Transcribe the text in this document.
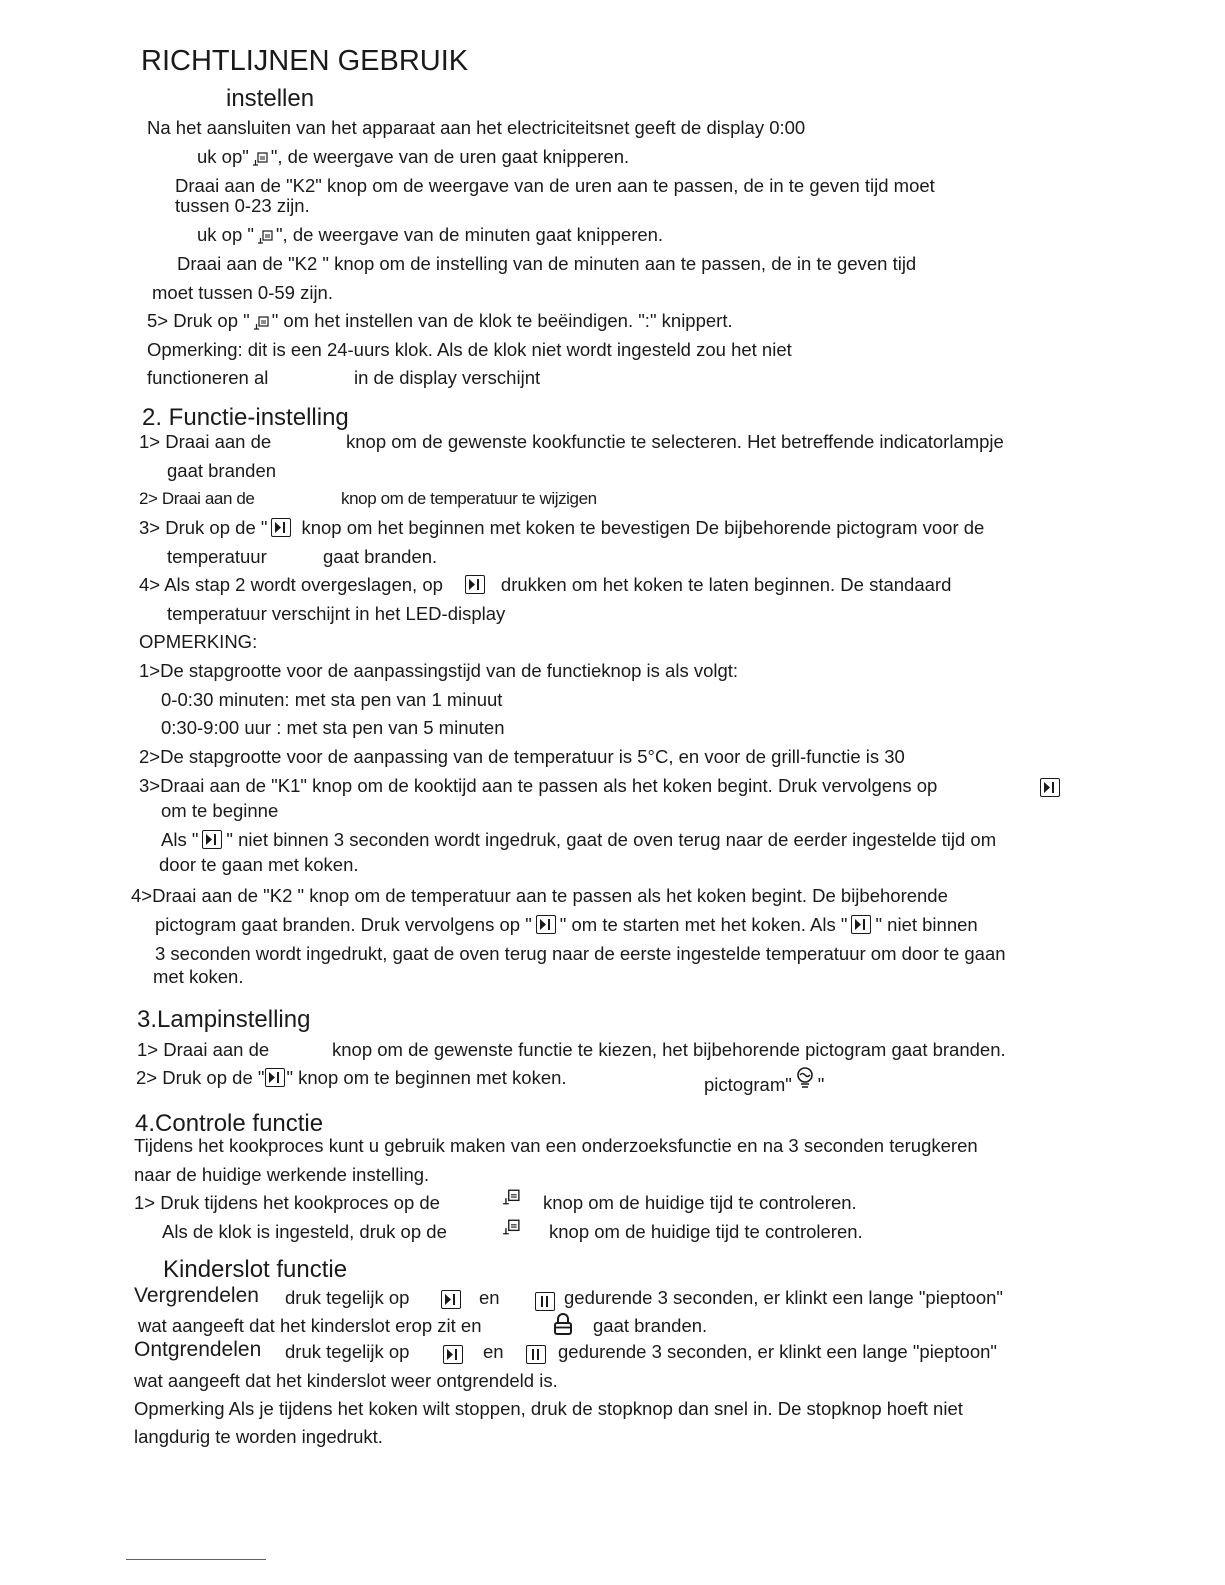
RICHTLIJNEN GEBRUIK
instellen
Na het aansluiten van het apparaat aan het electriciteitsnet geeft de display 0:00
uk op" ", de weergave van de uren gaat knipperen.
Draai aan de "K2" knop om de weergave van de uren aan te passen, de in te geven tijd moet
tussen 0-23 zijn.
uk op " ", de weergave van de minuten gaat knipperen.
Draai aan de "K2 " knop om de instelling van de minuten aan te passen, de in te geven tijd
moet tussen 0-59 zijn.
5> Druk op " " om het instellen van de klok te beëindigen. ":" knippert.
Opmerking: dit is een 24-uurs klok. Als de klok niet wordt ingesteld zou het niet
functioneren al	in de display verschijnt
2. Functie-instelling
1> Draai aan de	knop om de gewenste kookfunctie te selecteren. Het betreffende indicatorlampje
gaat branden
2> Draai aan de	knop om de temperatuur te wijzigen
3> Druk op de " knop om het beginnen met koken te bevestigen De bijbehorende pictogram voor de
temperatuur	gaat branden.
4> Als stap 2 wordt overgeslagen, op	drukken om het koken te laten beginnen. De standaard
temperatuur verschijnt in het LED-display
OPMERKING:
1>De stapgrootte voor de aanpassingstijd van de functieknop is als volgt:
0-0:30 minuten: met sta pen van 1 minuut
0:30-9:00 uur : met sta pen van 5 minuten
2>De stapgrootte voor de aanpassing van de temperatuur is 5°C, en voor de grill-functie is 30
3>Draai aan de "K1" knop om de kooktijd aan te passen als het koken begint. Druk vervolgens op
om te beginne
Als " " niet binnen 3 seconden wordt ingedruk, gaat de oven terug naar de eerder ingestelde tijd om
door te gaan met koken.
4>Draai aan de "K2 " knop om de temperatuur aan te passen als het koken begint. De bijbehorende
pictogram gaat branden. Druk vervolgens op " " om te starten met het koken. Als " " niet binnen
3 seconden wordt ingedrukt, gaat de oven terug naar de eerste ingestelde temperatuur om door te gaan
met koken.
3.Lampinstelling
1> Draai aan de	knop om de gewenste functie te kiezen, het bijbehorende pictogram gaat branden.
2> Druk op de " " knop om te beginnen met koken.	pictogram" "
4.Controle functie
Tijdens het kookproces kunt u gebruik maken van een onderzoeksfunctie en na 3 seconden terugkeren
naar de huidige werkende instelling.
1> Druk tijdens het kookproces op de	knop om de huidige tijd te controleren.
Als de klok is ingesteld, druk op de	knop om de huidige tijd te controleren.
Kinderslot functie
Vergrendelen druk tegelijk op	en	gedurende 3 seconden, er klinkt een lange "pieptoon"
wat aangeeft dat het kinderslot erop zit en	gaat branden.
Ontgrendelen druk tegelijk op	en	gedurende 3 seconden, er klinkt een lange "pieptoon"
wat aangeeft dat het kinderslot weer ontgrendeld is.
Opmerking Als je tijdens het koken wilt stoppen, druk de stopknop dan snel in. De stopknop hoeft niet
langdurig te worden ingedrukt.
